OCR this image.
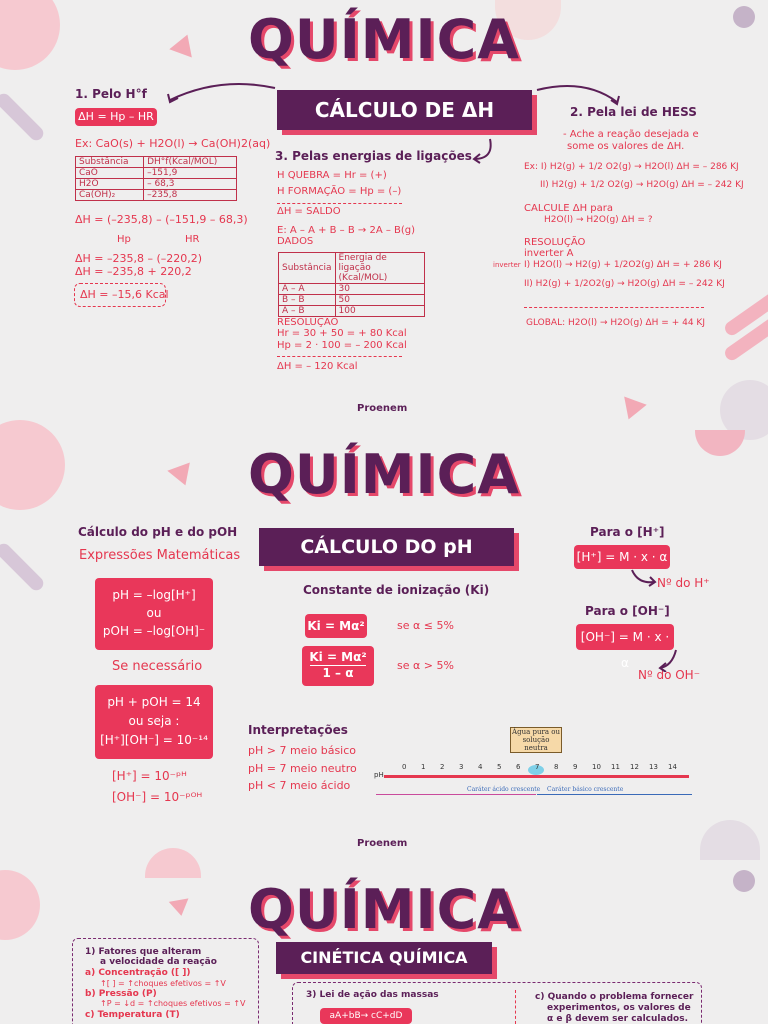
QUÍMICA
CÁLCULO DE ΔH
1. Pelo H°f
ΔH = Hp – HR
Ex: CaO(s) + H2O(l) → Ca(OH)2(aq)
Substância	DH°f(Kcal/MOL)
CaO	–151,9
H2O	– 68,3
Ca(OH)₂	–235,8
ΔH = (–235,8) – (–151,9 – 68,3)
Hp	HR
ΔH = –235,8 – (–220,2)
ΔH = –235,8 + 220,2
ΔH = –15,6 Kcal
3. Pelas energias de ligações
H QUEBRA = Hr = (+)
H FORMAÇÃO = Hp = (–)
ΔH = SALDO
E: A – A + B – B → 2A – B(g)
DADOS
Substância	Energia de ligação (Kcal/MOL)
A – A	30
B – B	50
A – B	100
RESOLUÇÃO
Hr = 30 + 50 = + 80 Kcal
Hp = 2 · 100 = – 200 Kcal
ΔH = – 120 Kcal
2. Pela lei de HESS
- Ache a reação desejada e
some os valores de ΔH.
Ex: I) H2(g) + 1/2 O2(g) → H2O(l) ΔH = – 286 KJ
II) H2(g) + 1/2 O2(g) → H2O(g) ΔH = – 242 KJ
CALCULE ΔH para
H2O(l) → H2O(g) ΔH = ?
RESOLUÇÃO
inverter A
inverter I) H2O(l) → H2(g) + 1/2O2(g) ΔH = + 286 KJ
II) H2(g) + 1/2O2(g) → H2O(g) ΔH = – 242 KJ
GLOBAL: H2O(l) → H2O(g) ΔH = + 44 KJ
Proenem
QUÍMICA
CÁLCULO DO pH
Cálculo do pH e do pOH
Expressões Matemáticas
pH = –log[H⁺]
ou
pOH = –log[OH]⁻
Se necessário
pH + pOH = 14
ou seja :
[H⁺][OH⁻] = 10⁻¹⁴
[H⁺] = 10⁻ᵖᴴ
[OH⁻] = 10⁻ᵖᴼᴴ
Constante de ionização (Ki)
Ki = Mα²	se α ≤ 5%
Ki = Mα²
1 – α
se α > 5%
Interpretações
pH > 7 meio básico
pH = 7 meio neutro
pH < 7 meio ácido
Água pura ou solução neutra
pH
0 1 2 3 4 5 6 7 8 9 10 11 12 13 14
Caráter ácido crescente Caráter básico crescente
Para o [H⁺]
[H⁺] = M · x · α
Nº do H⁺
Para o [OH⁻]
[OH⁻] = M · x · α
Nº do OH⁻
Proenem
QUÍMICA
CINÉTICA QUÍMICA
1) Fatores que alteram
a velocidade da reação
a) Concentração ([ ])
↑[ ] = ↑choques efetivos = ↑V
b) Pressão (P)
↑P = ↓d = ↑choques efetivos = ↑V
c) Temperatura (T)
3) Lei de ação das massas
aA+bB→ cC+dD
c) Quando o problema fornecer
experimentos, os valores de
α e β devem ser calculados.
